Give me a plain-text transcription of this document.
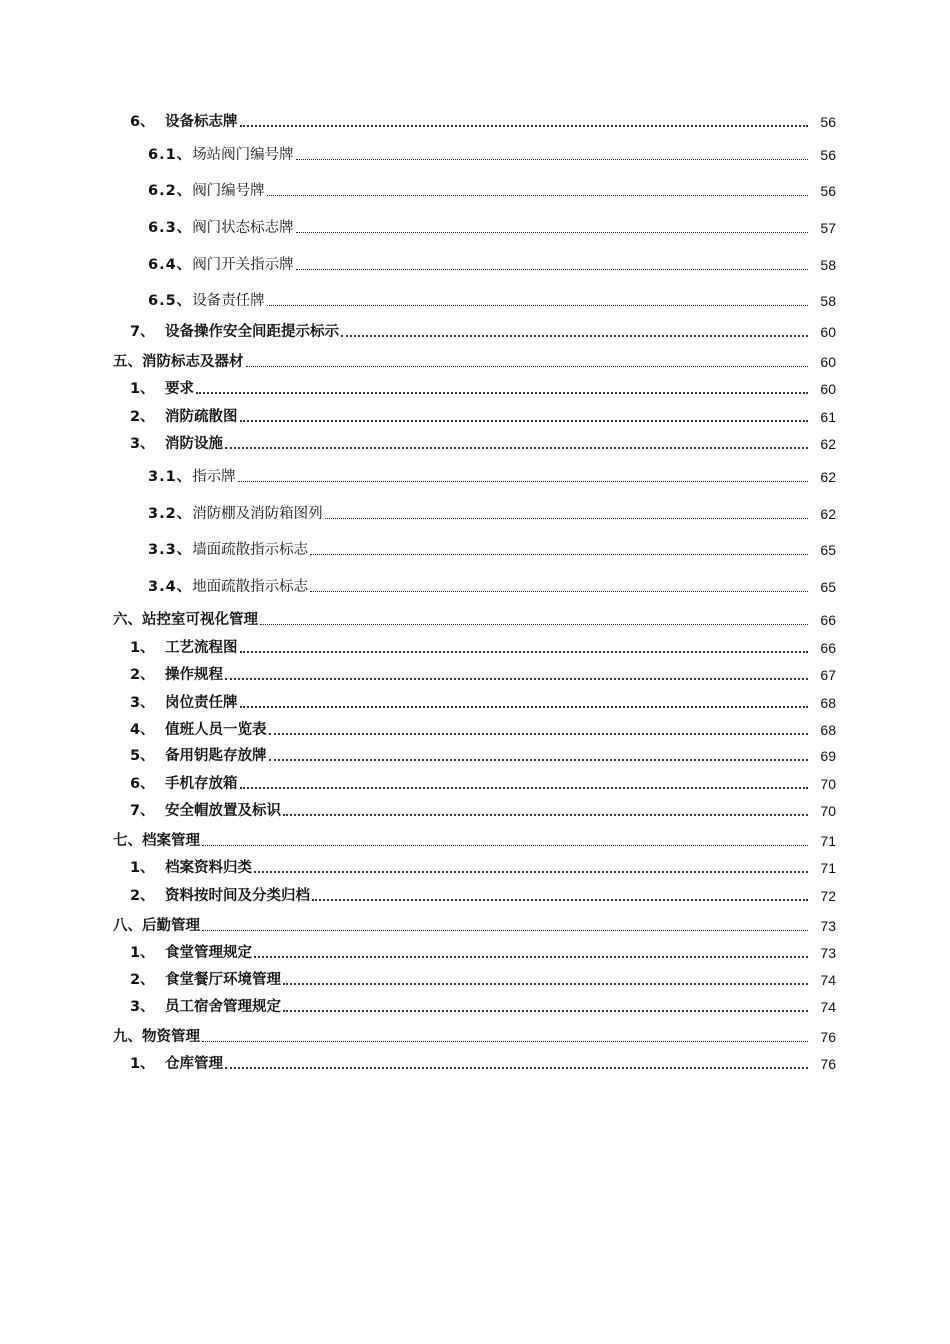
6、 设备标志牌	56
6.1、 场站阀门编号牌	56
6.2、 阀门编号牌	56
6.3、 阀门状态标志牌	57
6.4、 阀门开关指示牌	58
6.5、 设备责任牌	58
7、 设备操作安全间距提示标示	60
五、 消防标志及器材	60
1、 要求	60
2、 消防疏散图	61
3、 消防设施	62
3.1、 指示牌	62
3.2、 消防棚及消防箱图列	62
3.3、 墙面疏散指示标志	65
3.4、 地面疏散指示标志	65
六、 站控室可视化管理	66
1、 工艺流程图	66
2、 操作规程	67
3、 岗位责任牌	68
4、 值班人员一览表	68
5、 备用钥匙存放牌	69
6、 手机存放箱	70
7、 安全帽放置及标识	70
七、 档案管理	71
1、 档案资料归类	71
2、 资料按时间及分类归档	72
八、 后勤管理	73
1、 食堂管理规定	73
2、 食堂餐厅环境管理	74
3、 员工宿舍管理规定	74
九、 物资管理	76
1、 仓库管理	76
